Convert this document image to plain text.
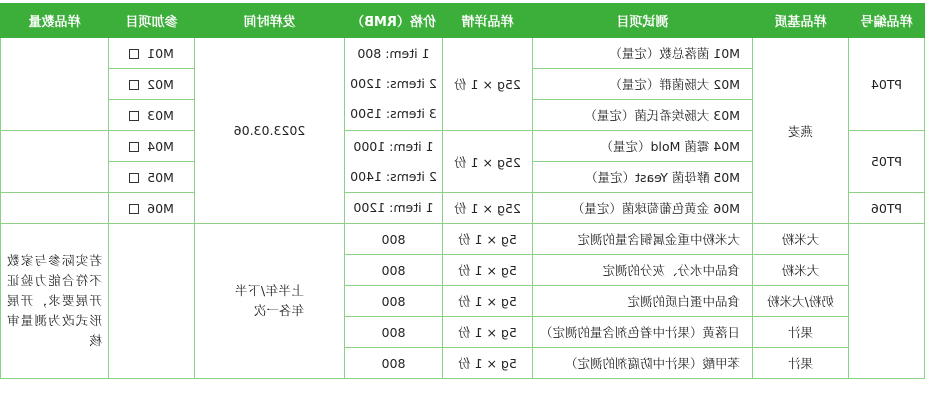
样品编号	样品基质	测试项目	样品详情	价格（RMB）	发样时间	参加项目	样品数量
PT04	燕麦	M01 菌落总数（定量）	25g × 1 份	1 item: 800
2 items: 1200
3 items: 1500	2023.03.06	M01	
		M02 大肠菌群（定量）				M02	
		M03 大肠埃希氏菌（定量）				M03	
PT05		M04 霉菌 Mold（定量）	25g × 1 份	1 item: 1000
2 items: 1400		M04	
		M05 酵母菌 Yeast（定量）				M05	
PT06		M06 金黄色葡萄球菌（定量）	25g × 1 份	1 item: 1200		M06	
	大米粉	大米粉中重金属铜含量的测定	5g × 1 份	800	上半年/下半年各一次		若实际参与家数不符合能力验证开展要求，开展形式改为测量审核
	大米粉	食品中水分、灰分的测定	5g × 1 份	800			
	奶粉/大米粉	食品中蛋白质的测定	5g × 1 份	800			
	果汁	日落黄（果汁中着色剂含量的测定）	5g × 1 份	800			
	果汁	苯甲酸（果汁中防腐剂的测定）	5g × 1 份	800			
